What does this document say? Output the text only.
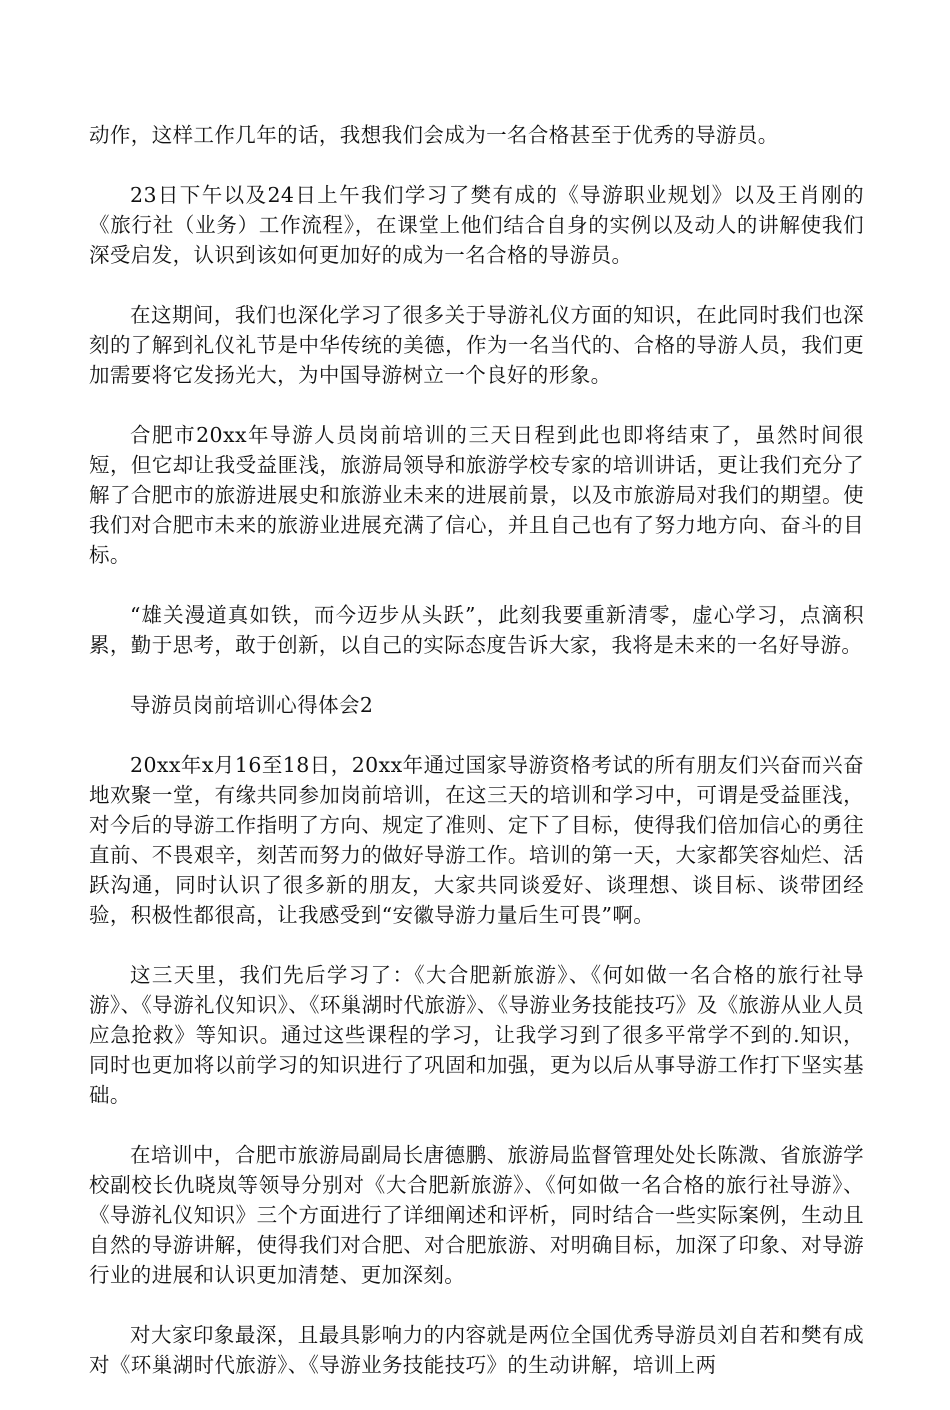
动作，这样工作几年的话，我想我们会成为一名合格甚至于优秀的导游员。

23日下午以及24日上午我们学习了樊有成的《导游职业规划》以及王肖刚的《旅行社（业务）工作流程》，在课堂上他们结合自身的实例以及动人的讲解使我们深受启发，认识到该如何更加好的成为一名合格的导游员。

在这期间，我们也深化学习了很多关于导游礼仪方面的知识，在此同时我们也深刻的了解到礼仪礼节是中华传统的美德，作为一名当代的、合格的导游人员，我们更加需要将它发扬光大，为中国导游树立一个良好的形象。

合肥市20xx年导游人员岗前培训的三天日程到此也即将结束了，虽然时间很短，但它却让我受益匪浅，旅游局领导和旅游学校专家的培训讲话，更让我们充分了解了合肥市的旅游进展史和旅游业未来的进展前景，以及市旅游局对我们的期望。使我们对合肥市未来的旅游业进展充满了信心，并且自己也有了努力地方向、奋斗的目标。

“雄关漫道真如铁，而今迈步从头跃”，此刻我要重新清零，虚心学习，点滴积累，勤于思考，敢于创新，以自己的实际态度告诉大家，我将是未来的一名好导游。

导游员岗前培训心得体会2

20xx年x月16至18日，20xx年通过国家导游资格考试的所有朋友们兴奋而兴奋地欢聚一堂，有缘共同参加岗前培训，在这三天的培训和学习中，可谓是受益匪浅，对今后的导游工作指明了方向、规定了准则、定下了目标，使得我们倍加信心的勇往直前、不畏艰辛，刻苦而努力的做好导游工作。培训的第一天，大家都笑容灿烂、活跃沟通，同时认识了很多新的朋友，大家共同谈爱好、谈理想、谈目标、谈带团经验，积极性都很高，让我感受到“安徽导游力量后生可畏”啊。

这三天里，我们先后学习了：《大合肥新旅游》、《何如做一名合格的旅行社导游》、《导游礼仪知识》、《环巢湖时代旅游》、《导游业务技能技巧》及《旅游从业人员应急抢救》等知识。通过这些课程的学习，让我学习到了很多平常学不到的.知识，同时也更加将以前学习的知识进行了巩固和加强，更为以后从事导游工作打下坚实基础。

在培训中，合肥市旅游局副局长唐德鹏、旅游局监督管理处处长陈溦、省旅游学校副校长仇晓岚等领导分别对《大合肥新旅游》、《何如做一名合格的旅行社导游》、《导游礼仪知识》三个方面进行了详细阐述和评析，同时结合一些实际案例，生动且自然的导游讲解，使得我们对合肥、对合肥旅游、对明确目标，加深了印象、对导游行业的进展和认识更加清楚、更加深刻。

对大家印象最深，且最具影响力的内容就是两位全国优秀导游员刘自若和樊有成对《环巢湖时代旅游》、《导游业务技能技巧》的生动讲解，培训上两
